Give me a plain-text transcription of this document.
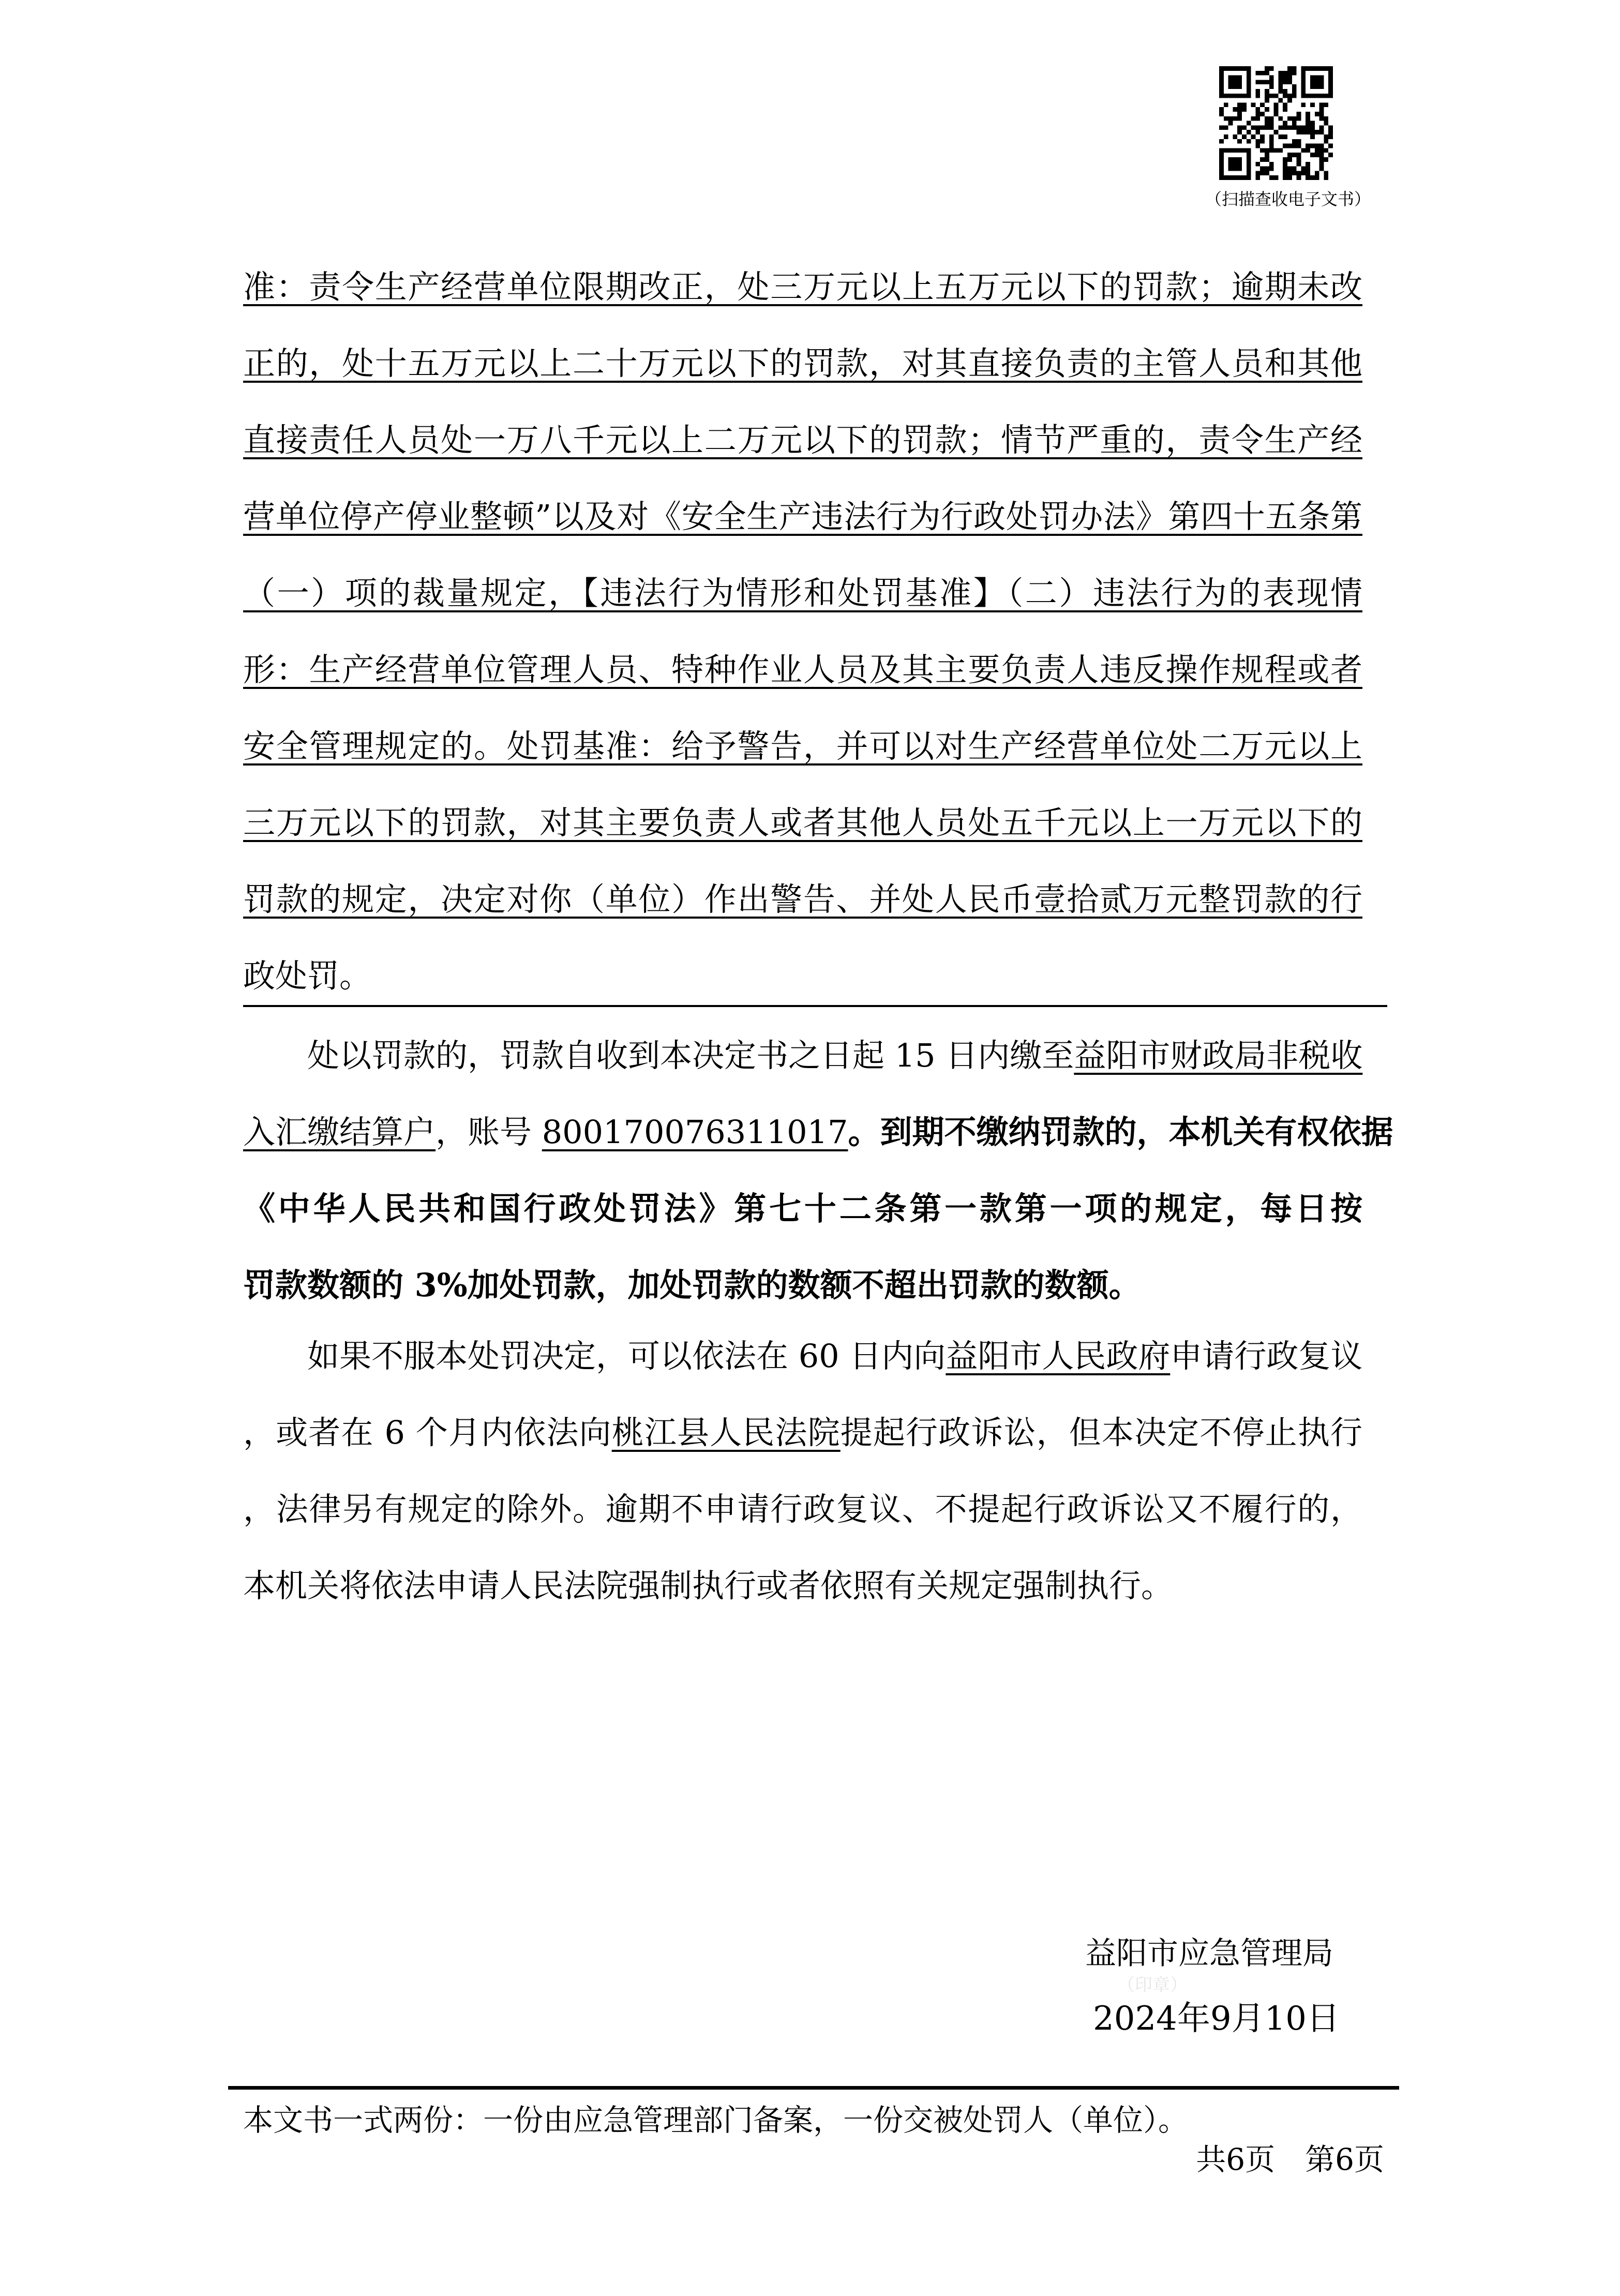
（扫描查收电子文书）
准：责令生产经营单位限期改正，处三万元以上五万元以下的罚款；逾期未改
正的，处十五万元以上二十万元以下的罚款，对其直接负责的主管人员和其他
直接责任人员处一万八千元以上二万元以下的罚款；情节严重的，责令生产经
营单位停产停业整顿”以及对《安全生产违法行为行政处罚办法》第四十五条第
（一）项的裁量规定，【违法行为情形和处罚基准】（二）违法行为的表现情
形：生产经营单位管理人员、特种作业人员及其主要负责人违反操作规程或者
安全管理规定的。处罚基准：给予警告，并可以对生产经营单位处二万元以上
三万元以下的罚款，对其主要负责人或者其他人员处五千元以上一万元以下的
罚款的规定，决定对你（单位）作出警告、并处人民币壹拾贰万元整罚款的行
政处罚。
　　处以罚款的，罚款自收到本决定书之日起 15 日内缴至益阳市财政局非税收
入汇缴结算户，账号 800170076311017。到期不缴纳罚款的，本机关有权依据
《中华人民共和国行政处罚法》第七十二条第一款第一项的规定，每日按
罚款数额的 3%加处罚款，加处罚款的数额不超出罚款的数额。
　　如果不服本处罚决定，可以依法在 60 日内向益阳市人民政府申请行政复议
，或者在 6 个月内依法向桃江县人民法院提起行政诉讼，但本决定不停止执行
，法律另有规定的除外。逾期不申请行政复议、不提起行政诉讼又不履行的，
本机关将依法申请人民法院强制执行或者依照有关规定强制执行。
益阳市应急管理局
（印章）
2024年9月10日
本文书一式两份：一份由应急管理部门备案，一份交被处罚人（单位）。
共6页　第6页
